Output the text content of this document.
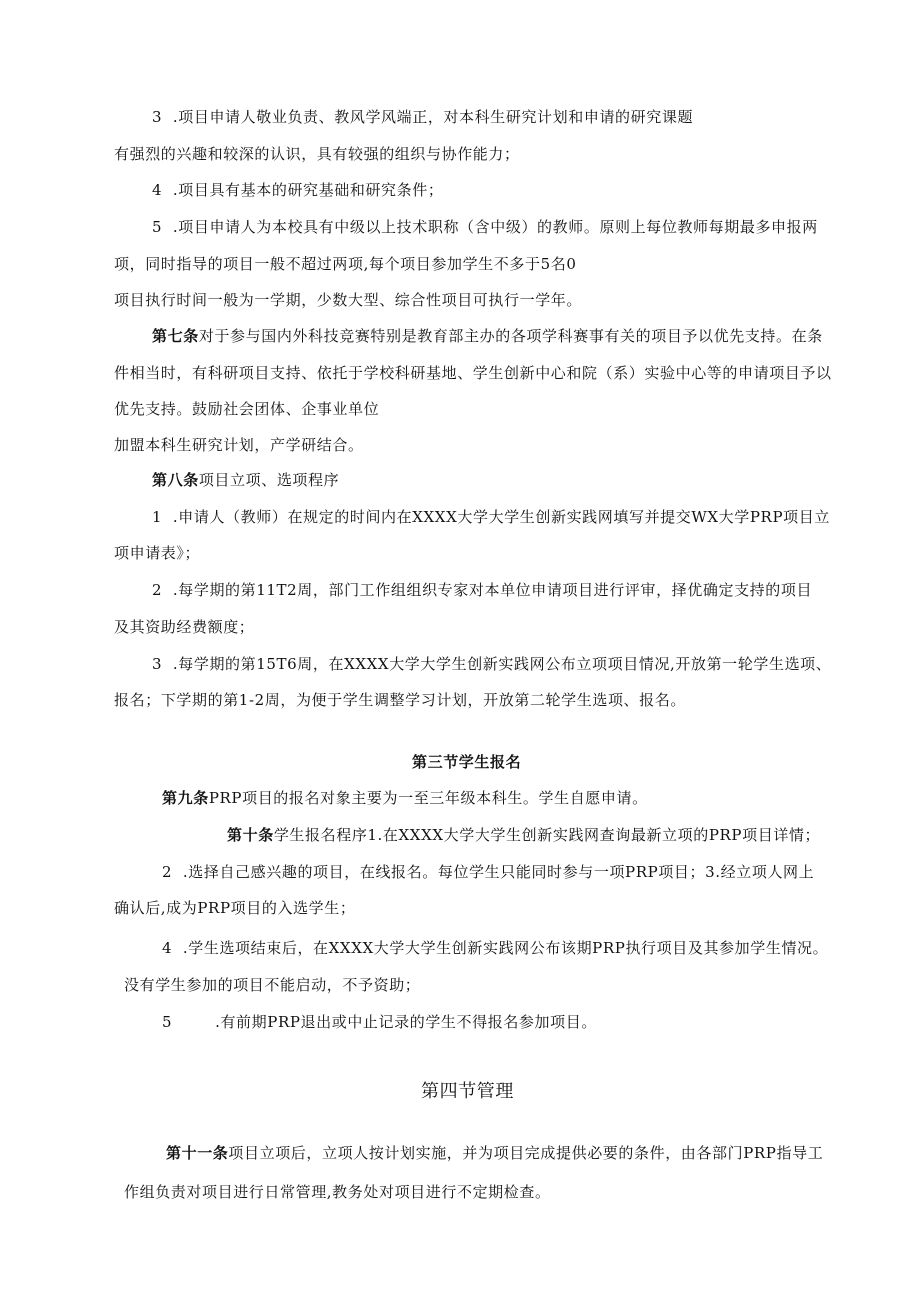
3  .项目申请人敬业负责、教风学风端正，对本科生研究计划和申请的研究课题
有强烈的兴趣和较深的认识，具有较强的组织与协作能力；
4  .项目具有基本的研究基础和研究条件；
5  .项目申请人为本校具有中级以上技术职称（含中级）的教师。原则上每位教师每期最多申报两
项，同时指导的项目一般不超过两项,每个项目参加学生不多于5名0
项目执行时间一般为一学期，少数大型、综合性项目可执行一学年。
第七条对于参与国内外科技竞赛特别是教育部主办的各项学科赛事有关的项目予以优先支持。在条
件相当时，有科研项目支持、依托于学校科研基地、学生创新中心和院（系）实验中心等的申请项目予以
优先支持。鼓励社会团体、企事业单位
加盟本科生研究计划，产学研结合。
第八条项目立项、选项程序
1  .申请人（教师）在规定的时间内在XXXX大学大学生创新实践网填写并提交WX大学PRP项目立
项申请表》；
2  .每学期的第11T2周，部门工作组组织专家对本单位申请项目进行评审，择优确定支持的项目
及其资助经费额度；
3  .每学期的第15T6周，在XXXX大学大学生创新实践网公布立项项目情况,开放第一轮学生选项、
报名；下学期的第1-2周，为便于学生调整学习计划，开放第二轮学生选项、报名。
第三节学生报名
第九条PRP项目的报名对象主要为一至三年级本科生。学生自愿申请。
第十条学生报名程序1.在XXXX大学大学生创新实践网查询最新立项的PRP项目详情；
2  .选择自己感兴趣的项目，在线报名。每位学生只能同时参与一项PRP项目；3.经立项人网上
确认后,成为PRP项目的入选学生；
4  .学生选项结束后，在XXXX大学大学生创新实践网公布该期PRP执行项目及其参加学生情况。
没有学生参加的项目不能启动，不予资助；
5        .有前期PRP退出或中止记录的学生不得报名参加项目。
第四节管理
第十一条项目立项后，立项人按计划实施，并为项目完成提供必要的条件，由各部门PRP指导工
作组负责对项目进行日常管理,教务处对项目进行不定期检查。
